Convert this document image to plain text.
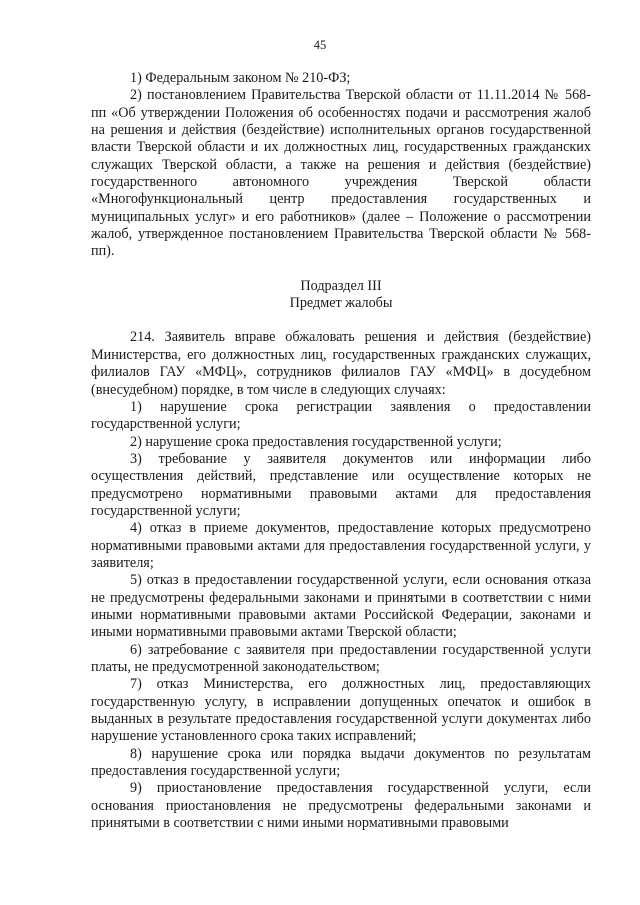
45

1) Федеральным законом № 210-ФЗ;

2) постановлением Правительства Тверской области от 11.11.2014 № 568-пп «Об утверждении Положения об особенностях подачи и рассмотрения жалоб на решения и действия (бездействие) исполнительных органов государственной власти Тверской области и их должностных лиц, государственных гражданских служащих Тверской области, а также на решения и действия (бездействие) государственного автономного учреждения Тверской области «Многофункциональный центр предоставления государственных и муниципальных услуг» и его работников» (далее – Положение о рассмотрении жалоб, утвержденное постановлением Правительства Тверской области № 568-пп).

Подраздел III

Предмет жалобы

214. Заявитель вправе обжаловать решения и действия (бездействие) Министерства, его должностных лиц, государственных гражданских служащих, филиалов ГАУ «МФЦ», сотрудников филиалов ГАУ «МФЦ» в досудебном (внесудебном) порядке, в том числе в следующих случаях:

1) нарушение срока регистрации заявления о предоставлении государственной услуги;

2) нарушение срока предоставления государственной услуги;

3) требование у заявителя документов или информации либо осуществления действий, представление или осуществление которых не предусмотрено нормативными правовыми актами для предоставления государственной услуги;

4) отказ в приеме документов, предоставление которых предусмотрено нормативными правовыми актами для предоставления государственной услуги, у заявителя;

5) отказ в предоставлении государственной услуги, если основания отказа не предусмотрены федеральными законами и принятыми в соответствии с ними иными нормативными правовыми актами Российской Федерации, законами и иными нормативными правовыми актами Тверской области;

6) затребование с заявителя при предоставлении государственной услуги платы, не предусмотренной законодательством;

7) отказ Министерства, его должностных лиц, предоставляющих государственную услугу, в исправлении допущенных опечаток и ошибок в выданных в результате предоставления государственной услуги документах либо нарушение установленного срока таких исправлений;

8) нарушение срока или порядка выдачи документов по результатам предоставления государственной услуги;

9) приостановление предоставления государственной услуги, если основания приостановления не предусмотрены федеральными законами и принятыми в соответствии с ними иными нормативными правовыми
